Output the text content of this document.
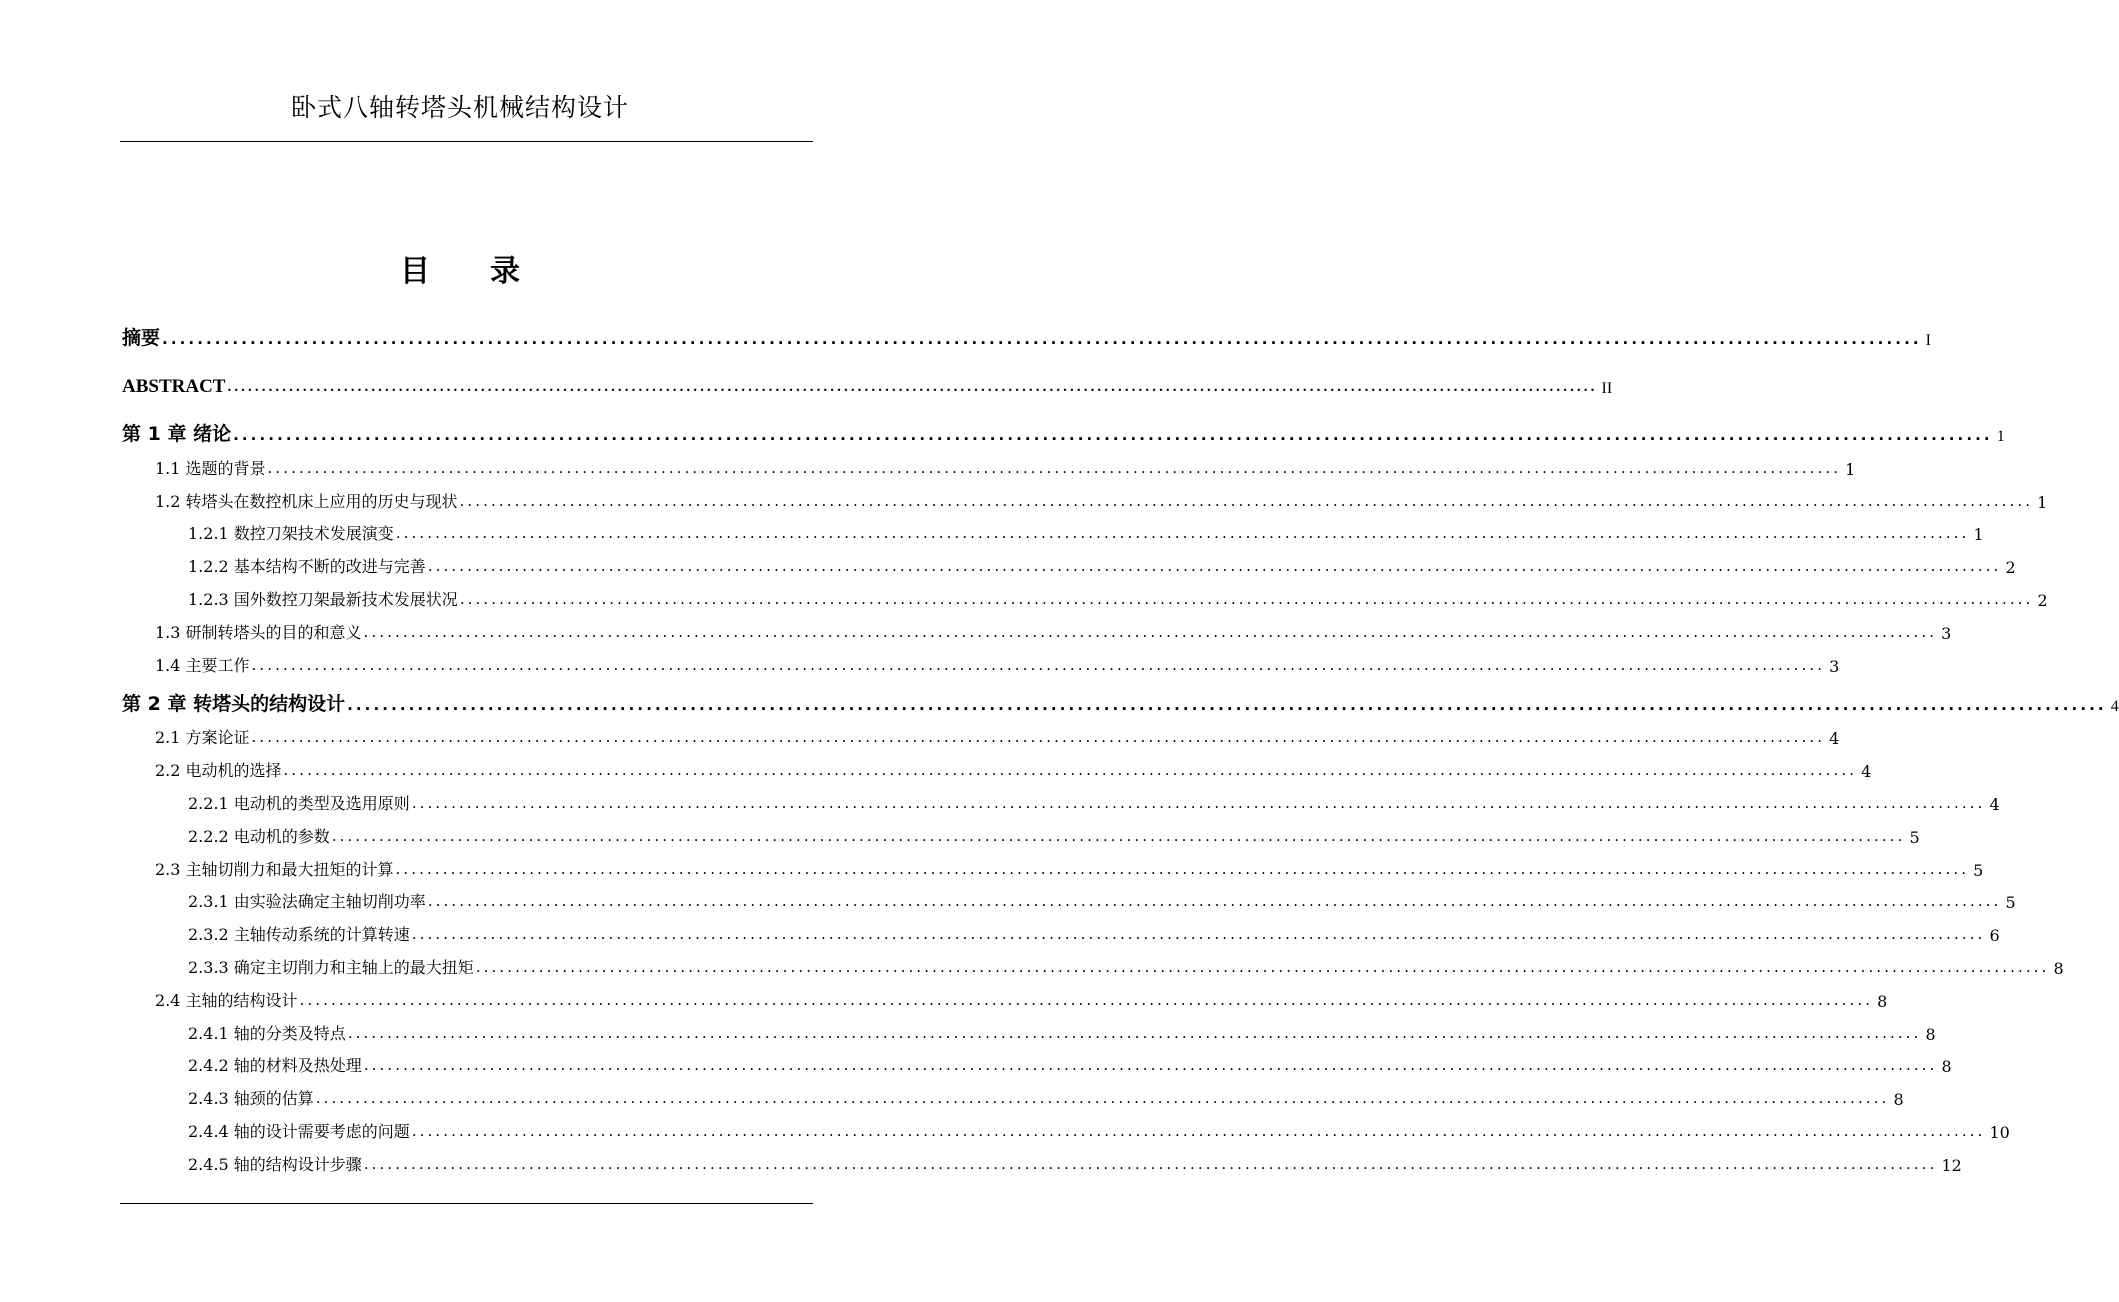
卧式八轴转塔头机械结构设计
目 录
摘要 ........................................................................................................................................................................................................ I
ABSTRACT ........................................................................................................................................................................................................ II
第 1 章 绪论 ........................................................................................................................................................................................................ 1
1.1 选题的背景 ........................................................................................................................................................................................................ 1
1.2 转塔头在数控机床上应用的历史与现状 ........................................................................................................................................................................................................ 1
1.2.1 数控刀架技术发展演变 ........................................................................................................................................................................................................ 1
1.2.2 基本结构不断的改进与完善 ........................................................................................................................................................................................................ 2
1.2.3 国外数控刀架最新技术发展状况 ........................................................................................................................................................................................................ 2
1.3 研制转塔头的目的和意义 ........................................................................................................................................................................................................ 3
1.4 主要工作 ........................................................................................................................................................................................................ 3
第 2 章 转塔头的结构设计 ........................................................................................................................................................................................................ 4
2.1 方案论证 ........................................................................................................................................................................................................ 4
2.2 电动机的选择 ........................................................................................................................................................................................................ 4
2.2.1 电动机的类型及选用原则 ........................................................................................................................................................................................................ 4
2.2.2 电动机的参数 ........................................................................................................................................................................................................ 5
2.3 主轴切削力和最大扭矩的计算 ........................................................................................................................................................................................................ 5
2.3.1 由实验法确定主轴切削功率 ........................................................................................................................................................................................................ 5
2.3.2 主轴传动系统的计算转速 ........................................................................................................................................................................................................ 6
2.3.3 确定主切削力和主轴上的最大扭矩 ........................................................................................................................................................................................................ 8
2.4 主轴的结构设计 ........................................................................................................................................................................................................ 8
2.4.1 轴的分类及特点 ........................................................................................................................................................................................................ 8
2.4.2 轴的材料及热处理 ........................................................................................................................................................................................................ 8
2.4.3 轴颈的估算 ........................................................................................................................................................................................................ 8
2.4.4 轴的设计需要考虑的问题 ........................................................................................................................................................................................................ 10
2.4.5 轴的结构设计步骤 ........................................................................................................................................................................................................ 12
